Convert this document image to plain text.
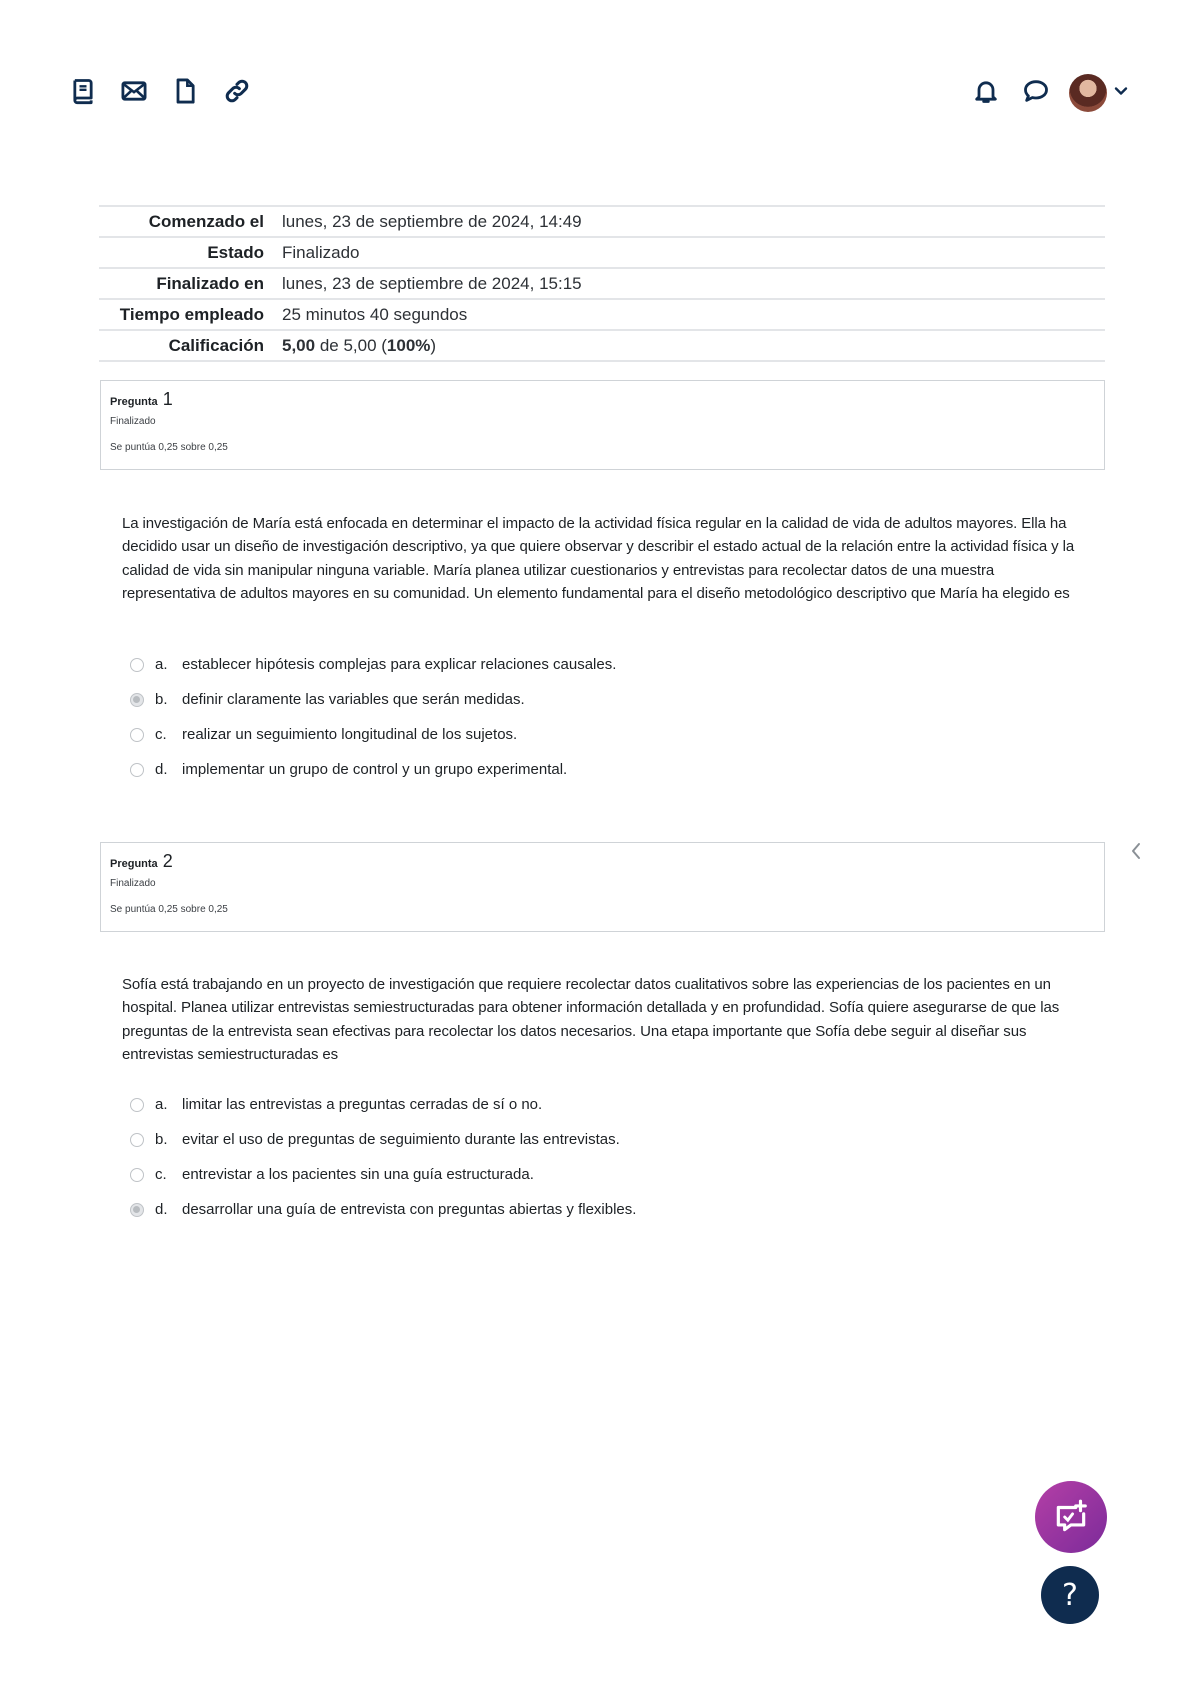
Comenzado el	lunes, 23 de septiembre de 2024, 14:49
Estado	Finalizado
Finalizado en	lunes, 23 de septiembre de 2024, 15:15
Tiempo empleado	25 minutos 40 segundos
Calificación	5,00 de 5,00 (100%)
Pregunta 1
Finalizado
Se puntúa 0,25 sobre 0,25
La investigación de María está enfocada en determinar el impacto de la actividad física regular en la calidad de vida de adultos mayores. Ella ha decidido usar un diseño de investigación descriptivo, ya que quiere observar y describir el estado actual de la relación entre la actividad física y la calidad de vida sin manipular ninguna variable. María planea utilizar cuestionarios y entrevistas para recolectar datos de una muestra representativa de adultos mayores en su comunidad. Un elemento fundamental para el diseño metodológico descriptivo que María ha elegido es
a. establecer hipótesis complejas para explicar relaciones causales.
b. definir claramente las variables que serán medidas.
c.	realizar un seguimiento longitudinal de los sujetos.
d. implementar un grupo de control y un grupo experimental.
Pregunta 2
Finalizado
Se puntúa 0,25 sobre 0,25
Sofía está trabajando en un proyecto de investigación que requiere recolectar datos cualitativos sobre las experiencias de los pacientes en un hospital. Planea utilizar entrevistas semiestructuradas para obtener información detallada y en profundidad. Sofía quiere asegurarse de que las preguntas de la entrevista sean efectivas para recolectar los datos necesarios. Una etapa importante que Sofía debe seguir al diseñar sus entrevistas semiestructuradas es
a. limitar las entrevistas a preguntas cerradas de sí o no.
b. evitar el uso de preguntas de seguimiento durante las entrevistas.
c.	entrevistar a los pacientes sin una guía estructurada.
d. desarrollar una guía de entrevista con preguntas abiertas y flexibles.
?
